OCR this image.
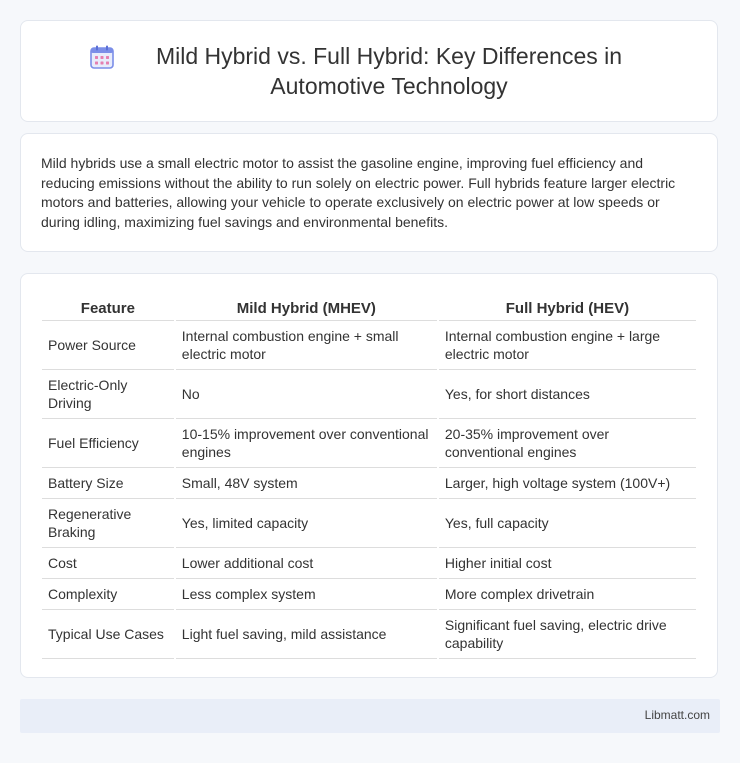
Mild Hybrid vs. Full Hybrid: Key Differences in Automotive Technology

Mild hybrids use a small electric motor to assist the gasoline engine, improving fuel efficiency and reducing emissions without the ability to run solely on electric power. Full hybrids feature larger electric motors and batteries, allowing your vehicle to operate exclusively on electric power at low speeds or during idling, maximizing fuel savings and environmental benefits.

Feature	Mild Hybrid (MHEV)	Full Hybrid (HEV)
Power Source	Internal combustion engine + small electric motor	Internal combustion engine + large electric motor
Electric-Only Driving	No	Yes, for short distances
Fuel Efficiency	10-15% improvement over conventional engines	20-35% improvement over conventional engines
Battery Size	Small, 48V system	Larger, high voltage system (100V+)
Regenerative Braking	Yes, limited capacity	Yes, full capacity
Cost	Lower additional cost	Higher initial cost
Complexity	Less complex system	More complex drivetrain
Typical Use Cases	Light fuel saving, mild assistance	Significant fuel saving, electric drive capability
Libmatt.com
